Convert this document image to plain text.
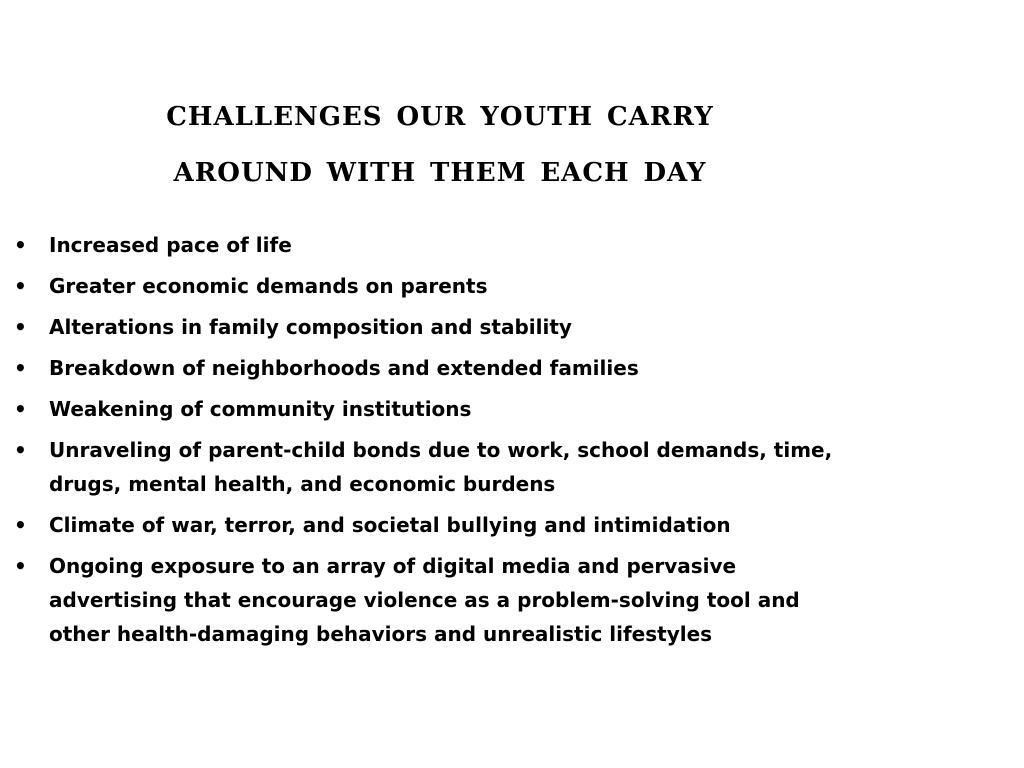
challenges our youth carry
around with them each day
•	Increased pace of life
•	Greater economic demands on parents
•	Alterations in family composition and stability
•	Breakdown of neighborhoods and extended families
•	Weakening of community institutions
•	Unraveling of parent-child bonds due to work, school demands, time, drugs, mental health, and economic burdens
•	Climate of war, terror, and societal bullying and intimidation
•	Ongoing exposure to an array of digital media and pervasive advertising that encourage violence as a problem-solving tool and other health-damaging behaviors and unrealistic lifestyles
